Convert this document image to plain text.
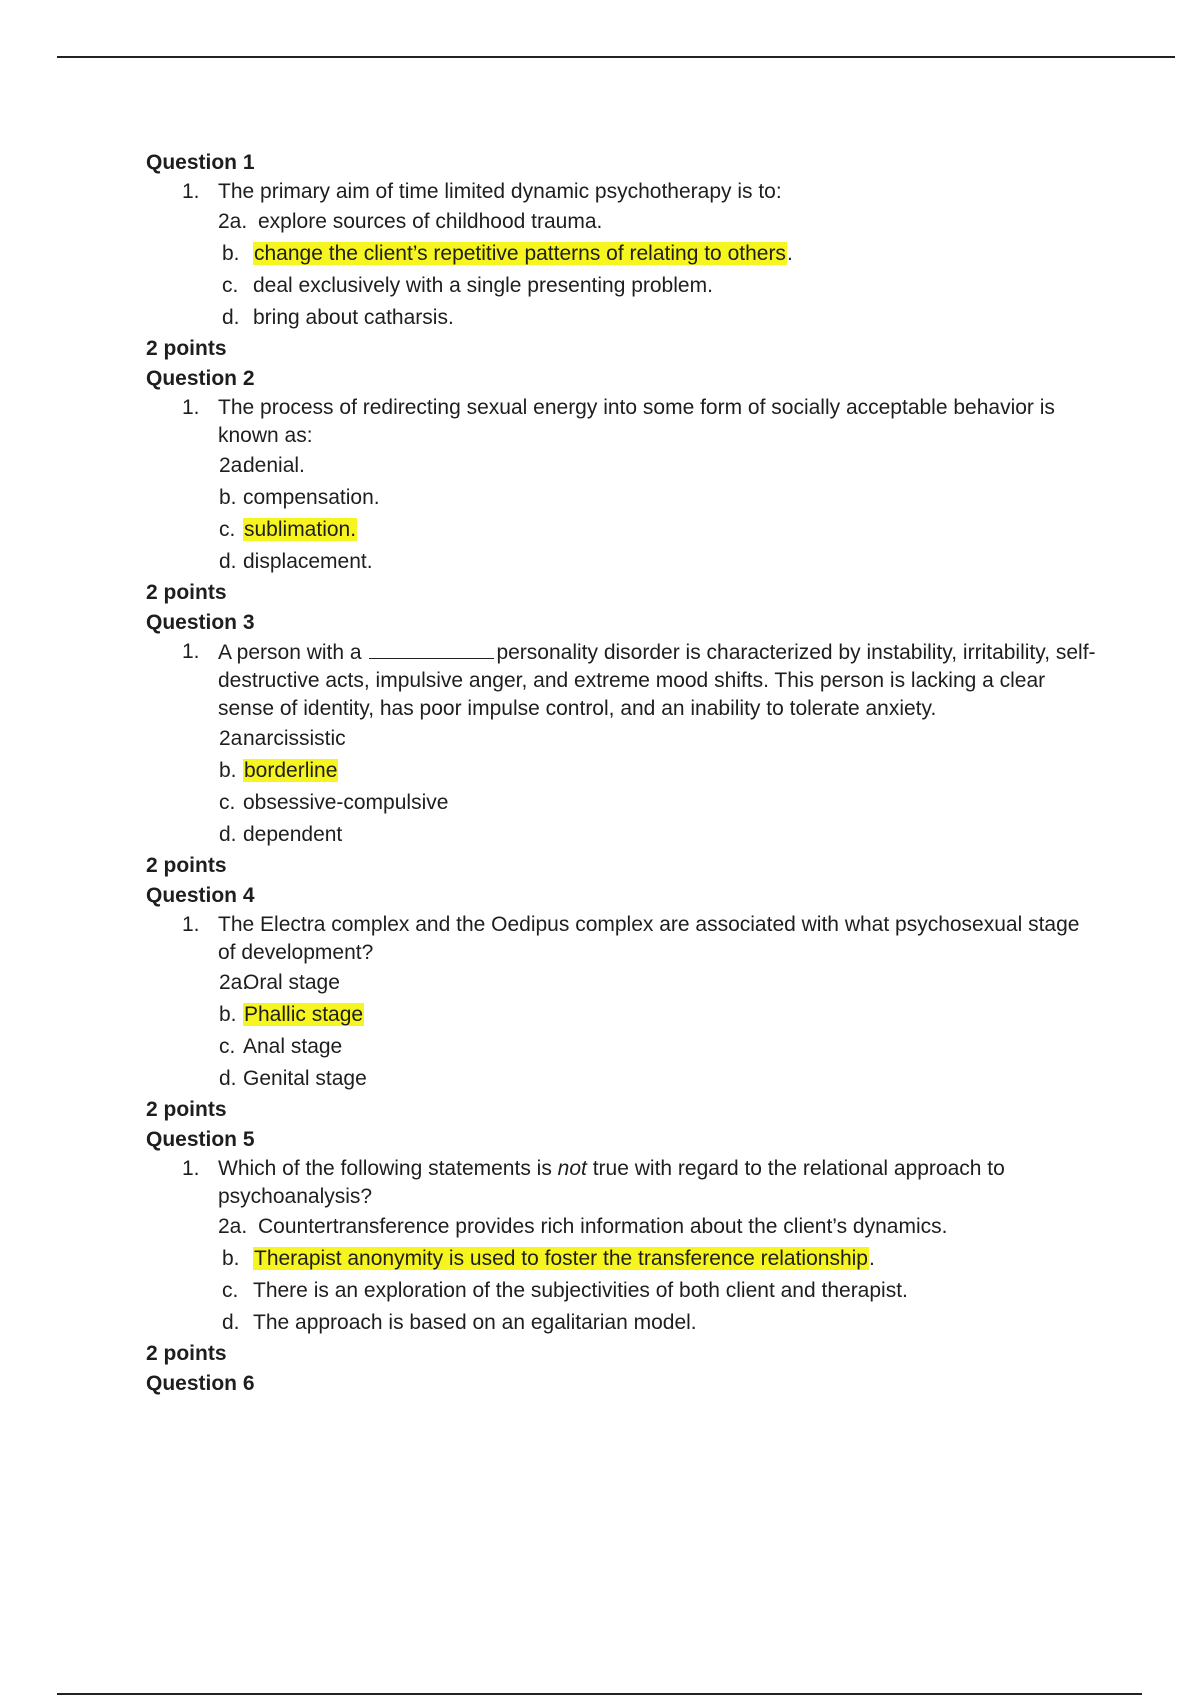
Question 1
1. The primary aim of time limited dynamic psychotherapy is to:
2a. explore sources of childhood trauma.
b. change the client’s repetitive patterns of relating to others.
c. deal exclusively with a single presenting problem.
d. bring about catharsis.
2 points
Question 2
1. The process of redirecting sexual energy into some form of socially acceptable behavior is known as:
2a.denial.
b. compensation.
c. sublimation.
d. displacement.
2 points
Question 3
1. A person with a	personality disorder is characterized by instability, irritability, self-destructive acts, impulsive anger, and extreme mood shifts. This person is lacking a clear sense of identity, has poor impulse control, and an inability to tolerate anxiety.
2a.narcissistic
b. borderline
c. obsessive-compulsive
d. dependent
2 points
Question 4
1. The Electra complex and the Oedipus complex are associated with what psychosexual stage of development?
2a.Oral stage
b. Phallic stage
c. Anal stage
d. Genital stage
2 points
Question 5
1. Which of the following statements is not true with regard to the relational approach to psychoanalysis?
2a. Countertransference provides rich information about the client’s dynamics.
b. Therapist anonymity is used to foster the transference relationship.
c. There is an exploration of the subjectivities of both client and therapist.
d. The approach is based on an egalitarian model.
2 points
Question 6
